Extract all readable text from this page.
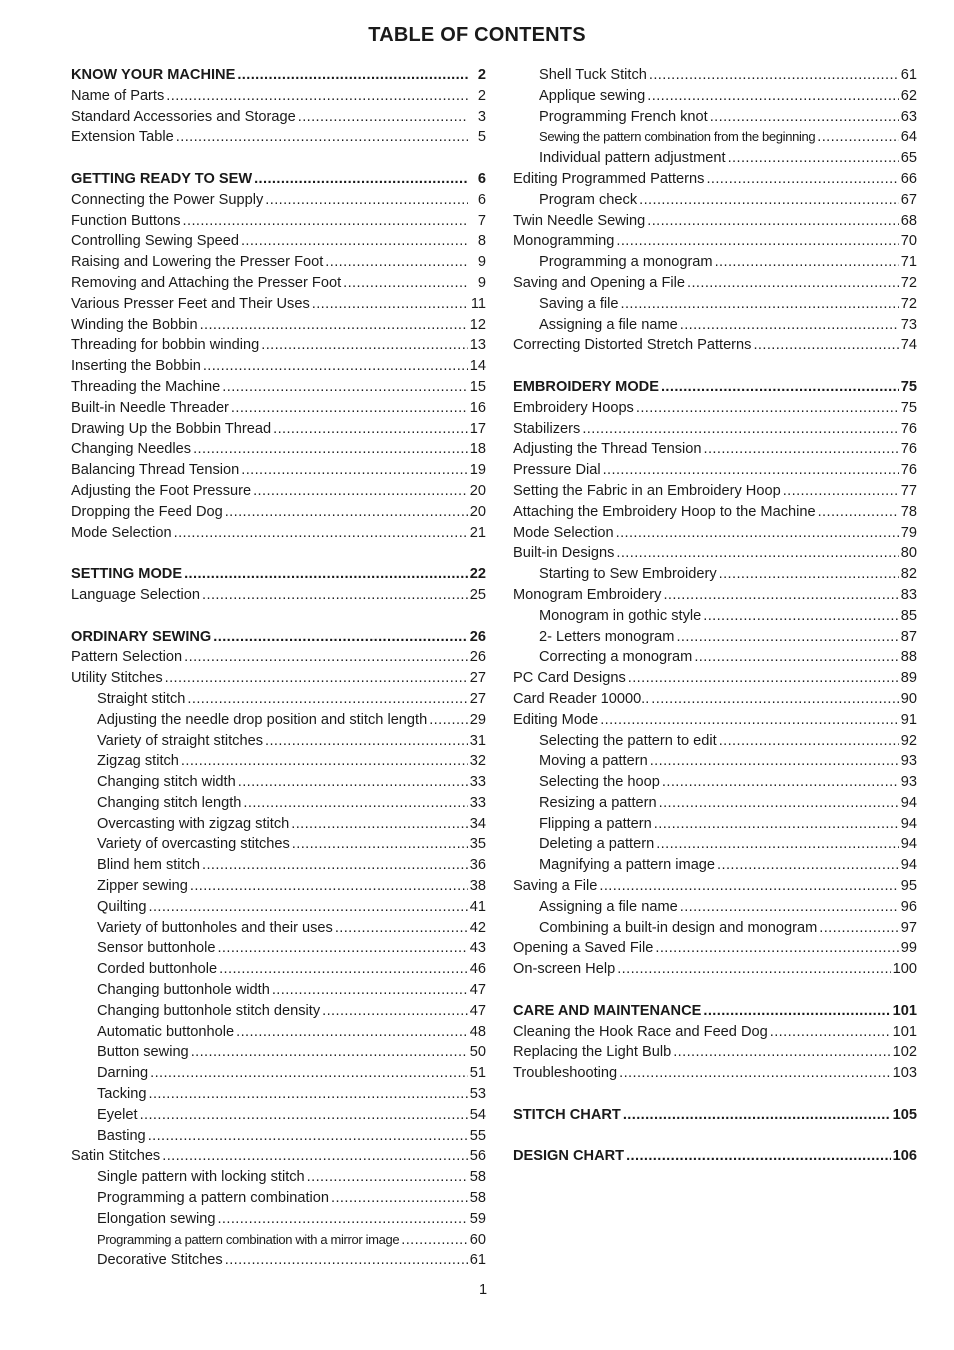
TABLE OF CONTENTS
KNOW YOUR MACHINE .....	2
Name of Parts .....	2
Standard Accessories and Storage .....	3
Extension Table .....	5
GETTING READY TO SEW .....	6
Connecting the Power Supply .....	6
Function Buttons .....	7
Controlling Sewing Speed .....	8
Raising and Lowering the Presser Foot .....	9
Removing and Attaching the Presser Foot .....	9
Various Presser Feet and Their Uses .....	11
Winding the Bobbin .....	12
Threading for bobbin winding .....	13
Inserting the Bobbin .....	14
Threading the Machine .....	15
Built-in Needle Threader .....	16
Drawing Up the Bobbin Thread .....	17
Changing Needles .....	18
Balancing Thread Tension .....	19
Adjusting the Foot Pressure .....	20
Dropping the Feed Dog .....	20
Mode Selection .....	21
SETTING MODE .....	22
Language Selection .....	25
ORDINARY SEWING .....	26
Pattern Selection .....	26
Utility Stitches .....	27
Straight stitch .....	27
Adjusting the needle drop position and stitch length .....	29
Variety of straight stitches .....	31
Zigzag stitch .....	32
Changing stitch width .....	33
Changing stitch length .....	33
Overcasting with zigzag stitch .....	34
Variety of overcasting stitches .....	35
Blind hem stitch .....	36
Zipper sewing .....	38
Quilting .....	41
Variety of buttonholes and their uses .....	42
Sensor buttonhole .....	43
Corded buttonhole .....	46
Changing buttonhole width .....	47
Changing buttonhole stitch density .....	47
Automatic buttonhole .....	48
Button sewing .....	50
Darning .....	51
Tacking .....	53
Eyelet .....	54
Basting .....	55
Satin Stitches .....	56
Single pattern with locking stitch .....	58
Programming a pattern combination .....	58
Elongation sewing .....	59
Programming a pattern combination with a mirror image .....	60
Decorative Stitches .....	61
Shell Tuck Stitch .....	61
Applique sewing .....	62
Programming French knot .....	63
Sewing the pattern combination from the beginning .....	64
Individual pattern adjustment .....	65
Editing Programmed Patterns .....	66
Program check .....	67
Twin Needle Sewing .....	68
Monogramming .....	70
Programming a monogram .....	71
Saving and Opening a File .....	72
Saving a file .....	72
Assigning a file name .....	73
Correcting Distorted Stretch Patterns .....	74
EMBROIDERY MODE .....	75
Embroidery Hoops .....	75
Stabilizers .....	76
Adjusting the Thread Tension .....	76
Pressure Dial .....	76
Setting the Fabric in an Embroidery Hoop .....	77
Attaching the Embroidery Hoop to the Machine .....	78
Mode Selection .....	79
Built-in Designs .....	80
Starting to Sew Embroidery .....	82
Monogram Embroidery .....	83
Monogram in gothic style .....	85
2- Letters monogram .....	87
Correcting a monogram .....	88
PC Card Designs .....	89
Card Reader 10000.. .....	90
Editing Mode .....	91
Selecting the pattern to edit .....	92
Moving a pattern .....	93
Selecting the hoop .....	93
Resizing a pattern .....	94
Flipping a pattern .....	94
Deleting a pattern .....	94
Magnifying a pattern image .....	94
Saving a File .....	95
Assigning a file name .....	96
Combining a built-in design and monogram .....	97
Opening a Saved File .....	99
On-screen Help .....	100
CARE AND MAINTENANCE .....	101
Cleaning the Hook Race and Feed Dog .....	101
Replacing the Light Bulb .....	102
Troubleshooting .....	103
STITCH CHART .....	105
DESIGN CHART .....	106
1
